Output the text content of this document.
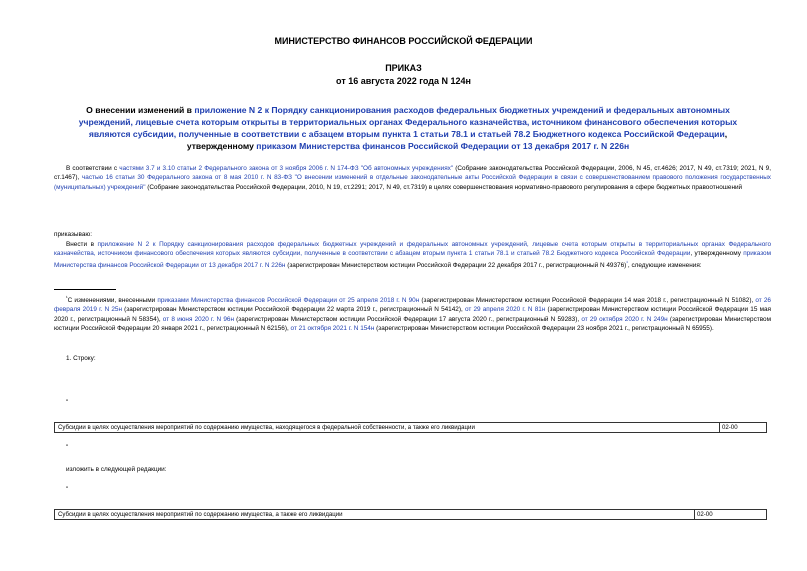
МИНИСТЕРСТВО ФИНАНСОВ РОССИЙСКОЙ ФЕДЕРАЦИИ
ПРИКАЗ
от 16 августа 2022 года N 124н
О внесении изменений в приложение N 2 к Порядку санкционирования расходов федеральных бюджетных учреждений и федеральных автономных учреждений, лицевые счета которым открыты в территориальных органах Федерального казначейства, источником финансового обеспечения которых являются субсидии, полученные в соответствии с абзацем вторым пункта 1 статьи 78.1 и статьей 78.2 Бюджетного кодекса Российской Федерации, утвержденному приказом Министерства финансов Российской Федерации от 13 декабря 2017 г. N 226н
В соответствии с частями 3.7 и 3.10 статьи 2 Федерального закона от 3 ноября 2006 г. N 174-ФЗ "Об автономных учреждениях" (Собрание законодательства Российской Федерации, 2006, N 45, ст.4626; 2017, N 49, ст.7319; 2021, N 9, ст.1467), частью 16 статьи 30 Федерального закона от 8 мая 2010 г. N 83-ФЗ "О внесении изменений в отдельные законодательные акты Российской Федерации в связи с совершенствованием правового положения государственных (муниципальных) учреждений" (Собрание законодательства Российской Федерации, 2010, N 19, ст.2291; 2017, N 49, ст.7319) в целях совершенствования нормативно-правового регулирования в сфере бюджетных правоотношений
приказываю:
Внести в приложение N 2 к Порядку санкционирования расходов федеральных бюджетных учреждений и федеральных автономных учреждений, лицевые счета которым открыты в территориальных органах Федерального казначейства, источником финансового обеспечения которых являются субсидии, полученные в соответствии с абзацем вторым пункта 1 статьи 78.1 и статьей 78.2 Бюджетного кодекса Российской Федерации, утвержденному приказом Министерства финансов Российской Федерации от 13 декабря 2017 г. N 226н (зарегистрирован Министерством юстиции Российской Федерации 22 декабря 2017 г., регистрационный N 49376)$^{^1}$, следующие изменения:
$^{^1}$С изменениями, внесенными приказами Министерства финансов Российской Федерации от 25 апреля 2018 г. N 90н (зарегистрирован Министерством юстиции Российской Федерации 14 мая 2018 г., регистрационный N 51082), от 26 февраля 2019 г. N 25н (зарегистрирован Министерством юстиции Российской Федерации 22 марта 2019 г., регистрационный N 54142), от 29 апреля 2020 г. N 81н (зарегистрирован Министерством юстиции Российской Федерации 15 мая 2020 г., регистрационный N 58354), от 8 июня 2020 г. N 96н (зарегистрирован Министерством юстиции Российской Федерации 17 августа 2020 г., регистрационный N 59283), от 29 октября 2020 г. N 249н (зарегистрирован Министерством юстиции Российской Федерации 20 января 2021 г., регистрационный N 62156), от 21 октября 2021 г. N 154н (зарегистрирован Министерством юстиции Российской Федерации 23 ноября 2021 г., регистрационный N 65955).
1. Строку:
"
Субсидии в целях осуществления мероприятий по содержанию имущества, находящегося в федеральной собственности, а также его ликвидации	02-00
"
изложить в следующей редакции:
"
Субсидии в целях осуществления мероприятий по содержанию имущества, а также его ликвидации	02-00
